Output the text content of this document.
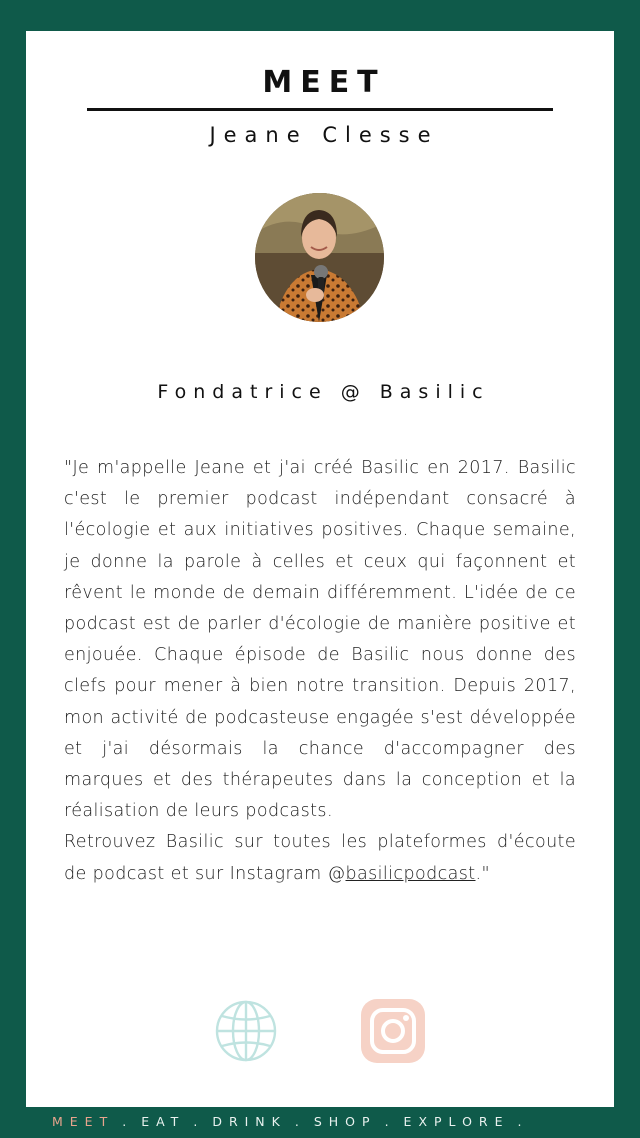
MEET
Jeane Clesse
Fondatrice @ Basilic

"Je m'appelle Jeane et j'ai créé Basilic en 2017. Basilic c'est le premier podcast indépendant consacré à l'écologie et aux initiatives positives. Chaque semaine, je donne la parole à celles et ceux qui façonnent et rêvent le monde de demain différemment. L'idée de ce podcast est de parler d'écologie de manière positive et enjouée. Chaque épisode de Basilic nous donne des clefs pour mener à bien notre transition. Depuis 2017, mon activité de podcasteuse engagée s'est développée et j'ai désormais la chance d'accompagner des marques et des thérapeutes dans la conception et la réalisation de leurs podcasts.

Retrouvez Basilic sur toutes les plateformes d'écoute de podcast et sur Instagram @basilicpodcast."

MEET . EAT . DRINK . SHOP . EXPLORE .
